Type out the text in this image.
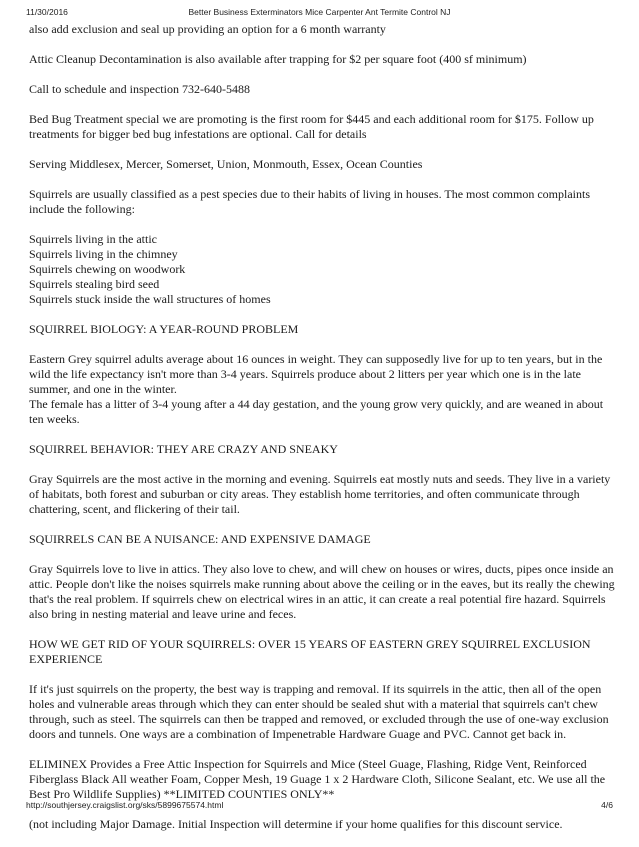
11/30/2016	Better Business Exterminators Mice Carpenter Ant Termite Control NJ

also add exclusion and seal up providing an option for a 6 month warranty

Attic Cleanup Decontamination is also available after trapping for $2 per square foot (400 sf minimum)

Call to schedule and inspection 732-640-5488

Bed Bug Treatment special we are promoting is the first room for $445 and each additional room for $175. Follow up treatments for bigger bed bug infestations are optional. Call for details

Serving Middlesex, Mercer, Somerset, Union, Monmouth, Essex, Ocean Counties

Squirrels are usually classified as a pest species due to their habits of living in houses. The most common complaints include the following:

Squirrels living in the attic
Squirrels living in the chimney
Squirrels chewing on woodwork
Squirrels stealing bird seed
Squirrels stuck inside the wall structures of homes

SQUIRREL BIOLOGY: A YEAR-ROUND PROBLEM

Eastern Grey squirrel adults average about 16 ounces in weight. They can supposedly live for up to ten years, but in the wild the life expectancy isn't more than 3-4 years. Squirrels produce about 2 litters per year which one is in the late summer, and one in the winter.
The female has a litter of 3-4 young after a 44 day gestation, and the young grow very quickly, and are weaned in about ten weeks.

SQUIRREL BEHAVIOR: THEY ARE CRAZY AND SNEAKY

Gray Squirrels are the most active in the morning and evening. Squirrels eat mostly nuts and seeds. They live in a variety of habitats, both forest and suburban or city areas. They establish home territories, and often communicate through chattering, scent, and flickering of their tail.

SQUIRRELS CAN BE A NUISANCE: AND EXPENSIVE DAMAGE

Gray Squirrels love to live in attics. They also love to chew, and will chew on houses or wires, ducts, pipes once inside an attic. People don't like the noises squirrels make running about above the ceiling or in the eaves, but its really the chewing that's the real problem. If squirrels chew on electrical wires in an attic, it can create a real potential fire hazard. Squirrels also bring in nesting material and leave urine and feces.

HOW WE GET RID OF YOUR SQUIRRELS: OVER 15 YEARS OF EASTERN GREY SQUIRREL EXCLUSION EXPERIENCE

If it's just squirrels on the property, the best way is trapping and removal. If its squirrels in the attic, then all of the open holes and vulnerable areas through which they can enter should be sealed shut with a material that squirrels can't chew through, such as steel. The squirrels can then be trapped and removed, or excluded through the use of one-way exclusion doors and tunnels. One ways are a combination of Impenetrable Hardware Guage and PVC. Cannot get back in.

ELIMINEX Provides a Free Attic Inspection for Squirrels and Mice (Steel Guage, Flashing, Ridge Vent, Reinforced Fiberglass Black All weather Foam, Copper Mesh, 19 Guage 1 x 2 Hardware Cloth, Silicone Sealant, etc. We use all the Best Pro Wildlife Supplies) **LIMITED COUNTIES ONLY**

(not including Major Damage. Initial Inspection will determine if your home qualifies for this discount service.

http://southjersey.craigslist.org/sks/5899675574.html	4/6
